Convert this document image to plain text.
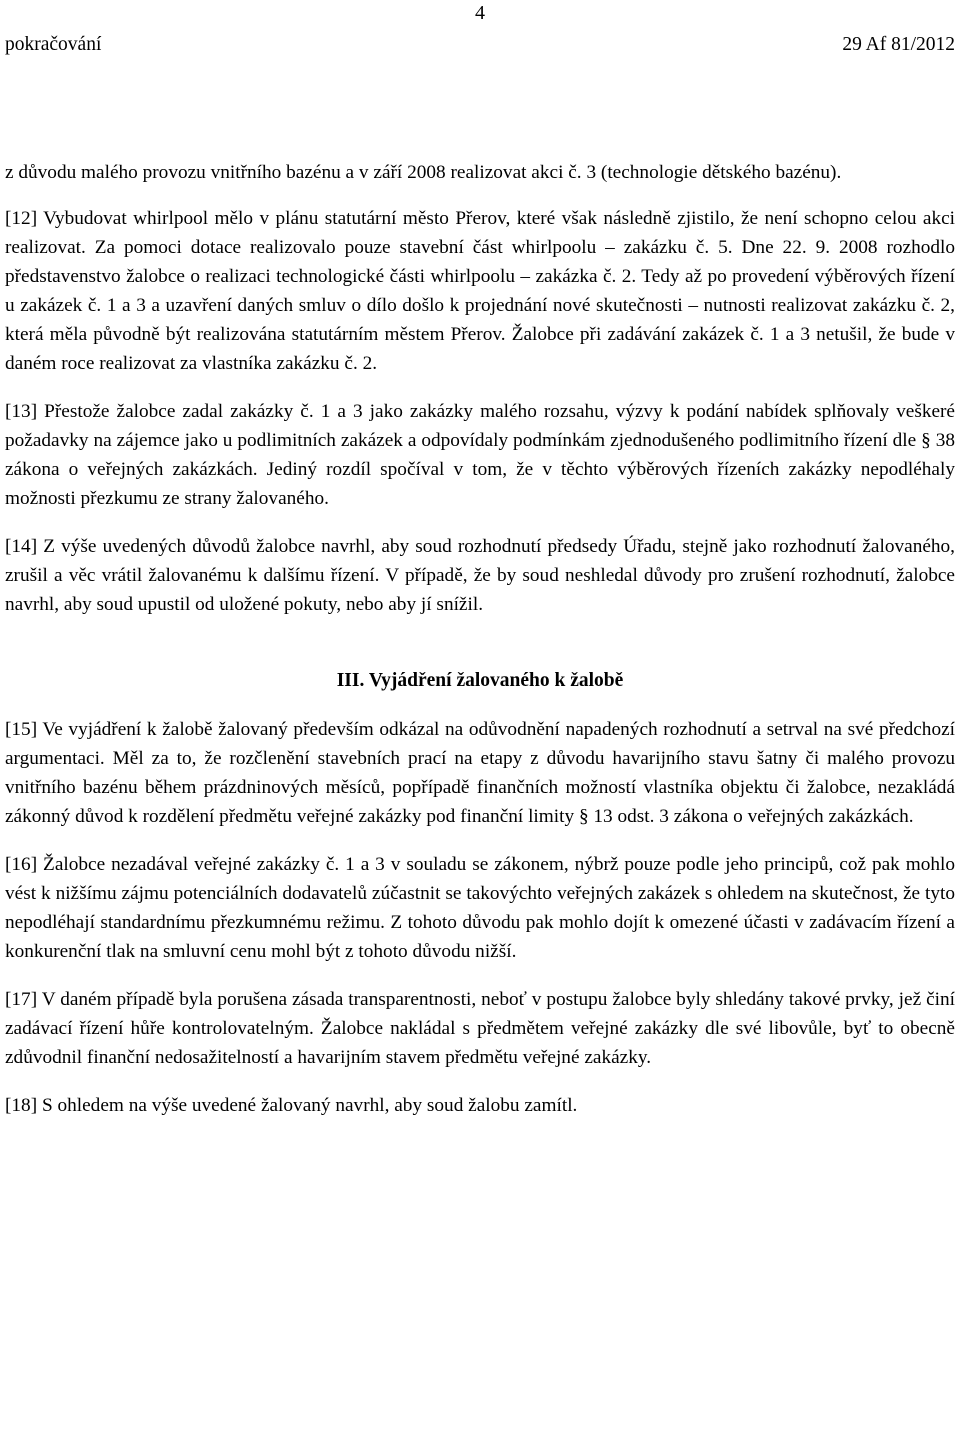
4
pokračování	29 Af 81/2012

z důvodu malého provozu vnitřního bazénu a v září 2008 realizovat akci č. 3 (technologie dětského bazénu).

[12] Vybudovat whirlpool mělo v plánu statutární město Přerov, které však následně zjistilo, že není schopno celou akci realizovat. Za pomoci dotace realizovalo pouze stavební část whirlpoolu – zakázku č. 5. Dne 22. 9. 2008 rozhodlo představenstvo žalobce o realizaci technologické části whirlpoolu – zakázka č. 2. Tedy až po provedení výběrových řízení u zakázek č. 1 a 3 a uzavření daných smluv o dílo došlo k projednání nové skutečnosti – nutnosti realizovat zakázku č. 2, která měla původně být realizována statutárním městem Přerov. Žalobce při zadávání zakázek č. 1 a 3 netušil, že bude v daném roce realizovat za vlastníka zakázku č. 2.

[13] Přestože žalobce zadal zakázky č. 1 a 3 jako zakázky malého rozsahu, výzvy k podání nabídek splňovaly veškeré požadavky na zájemce jako u podlimitních zakázek a odpovídaly podmínkám zjednodušeného podlimitního řízení dle § 38 zákona o veřejných zakázkách. Jediný rozdíl spočíval v tom, že v těchto výběrových řízeních zakázky nepodléhaly možnosti přezkumu ze strany žalovaného.

[14] Z výše uvedených důvodů žalobce navrhl, aby soud rozhodnutí předsedy Úřadu, stejně jako rozhodnutí žalovaného, zrušil a věc vrátil žalovanému k dalšímu řízení. V případě, že by soud neshledal důvody pro zrušení rozhodnutí, žalobce navrhl, aby soud upustil od uložené pokuty, nebo aby jí snížil.

III. Vyjádření žalovaného k žalobě

[15] Ve vyjádření k žalobě žalovaný především odkázal na odůvodnění napadených rozhodnutí a setrval na své předchozí argumentaci. Měl za to, že rozčlenění stavebních prací na etapy z důvodu havarijního stavu šatny či malého provozu vnitřního bazénu během prázdninových měsíců, popřípadě finančních možností vlastníka objektu či žalobce, nezakládá zákonný důvod k rozdělení předmětu veřejné zakázky pod finanční limity § 13 odst. 3 zákona o veřejných zakázkách.

[16] Žalobce nezadával veřejné zakázky č. 1 a 3 v souladu se zákonem, nýbrž pouze podle jeho principů, což pak mohlo vést k nižšímu zájmu potenciálních dodavatelů zúčastnit se takovýchto veřejných zakázek s ohledem na skutečnost, že tyto nepodléhají standardnímu přezkumnému režimu. Z tohoto důvodu pak mohlo dojít k omezené účasti v zadávacím řízení a konkurenční tlak na smluvní cenu mohl být z tohoto důvodu nižší.

[17] V daném případě byla porušena zásada transparentnosti, neboť v postupu žalobce byly shledány takové prvky, jež činí zadávací řízení hůře kontrolovatelným. Žalobce nakládal s předmětem veřejné zakázky dle své libovůle, byť to obecně zdůvodnil finanční nedosažitelností a havarijním stavem předmětu veřejné zakázky.

[18] S ohledem na výše uvedené žalovaný navrhl, aby soud žalobu zamítl.
